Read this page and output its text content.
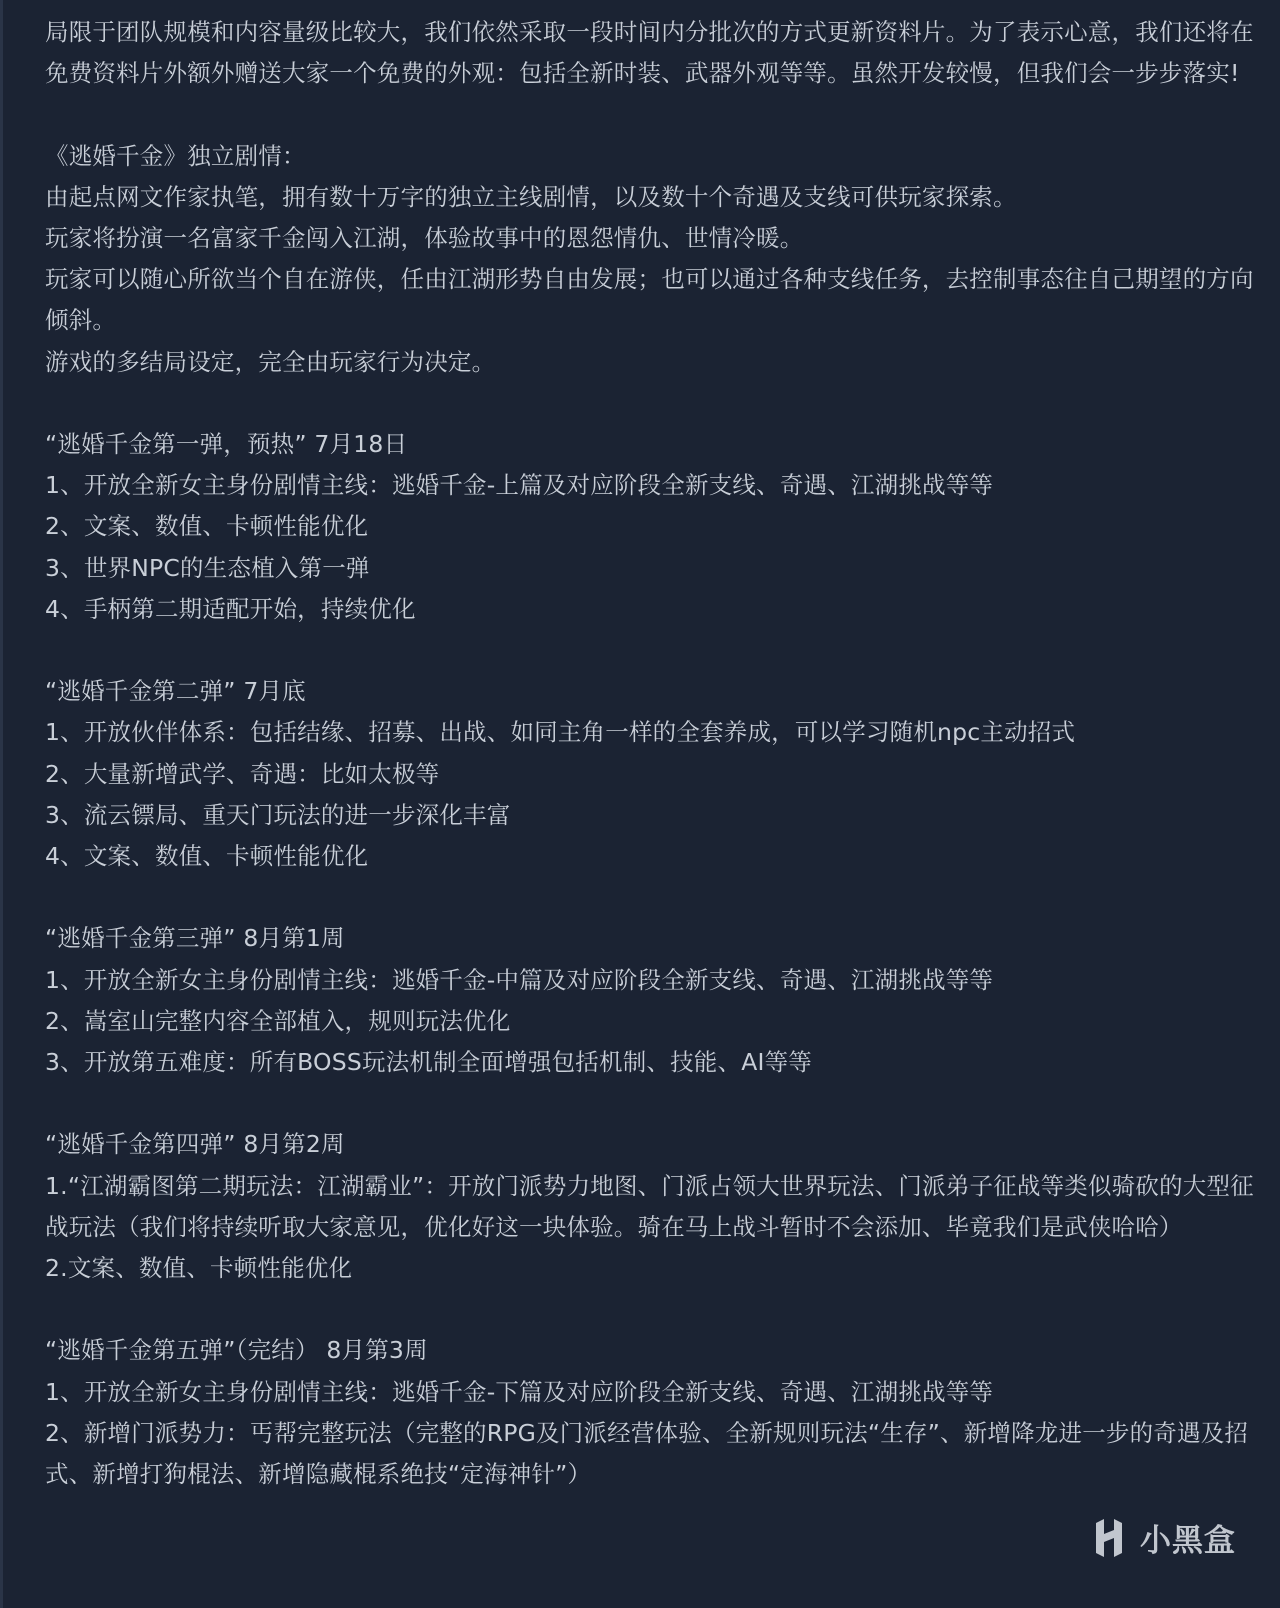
局限于团队规模和内容量级比较大，我们依然采取一段时间内分批次的方式更新资料片。为了表示心意，我们还将在免费资料片外额外赠送大家一个免费的外观：包括全新时装、武器外观等等。虽然开发较慢，但我们会一步步落实!
《逃婚千金》独立剧情：
由起点网文作家执笔，拥有数十万字的独立主线剧情，以及数十个奇遇及支线可供玩家探索。
玩家将扮演一名富家千金闯入江湖，体验故事中的恩怨情仇、世情冷暖。
玩家可以随心所欲当个自在游侠，任由江湖形势自由发展；也可以通过各种支线任务，去控制事态往自己期望的方向倾斜。
游戏的多结局设定，完全由玩家行为决定。
“逃婚千金第一弹，预热” 7月18日
1、开放全新女主身份剧情主线：逃婚千金-上篇及对应阶段全新支线、奇遇、江湖挑战等等
2、文案、数值、卡顿性能优化
3、世界NPC的生态植入第一弹
4、手柄第二期适配开始，持续优化
“逃婚千金第二弹” 7月底
1、开放伙伴体系：包括结缘、招募、出战、如同主角一样的全套养成，可以学习随机npc主动招式
2、大量新增武学、奇遇：比如太极等
3、流云镖局、重天门玩法的进一步深化丰富
4、文案、数值、卡顿性能优化
“逃婚千金第三弹” 8月第1周
1、开放全新女主身份剧情主线：逃婚千金-中篇及对应阶段全新支线、奇遇、江湖挑战等等
2、嵩室山完整内容全部植入，规则玩法优化
3、开放第五难度：所有BOSS玩法机制全面增强包括机制、技能、AI等等
“逃婚千金第四弹” 8月第2周
1.“江湖霸图第二期玩法：江湖霸业”：开放门派势力地图、门派占领大世界玩法、门派弟子征战等类似骑砍的大型征战玩法（我们将持续听取大家意见，优化好这一块体验。骑在马上战斗暂时不会添加、毕竟我们是武侠哈哈）
2.文案、数值、卡顿性能优化
“逃婚千金第五弹”（完结） 8月第3周
1、开放全新女主身份剧情主线：逃婚千金-下篇及对应阶段全新支线、奇遇、江湖挑战等等
2、新增门派势力：丐帮完整玩法（完整的RPG及门派经营体验、全新规则玩法“生存”、新增降龙进一步的奇遇及招式、新增打狗棍法、新增隐藏棍系绝技“定海神针”）
小黑盒
